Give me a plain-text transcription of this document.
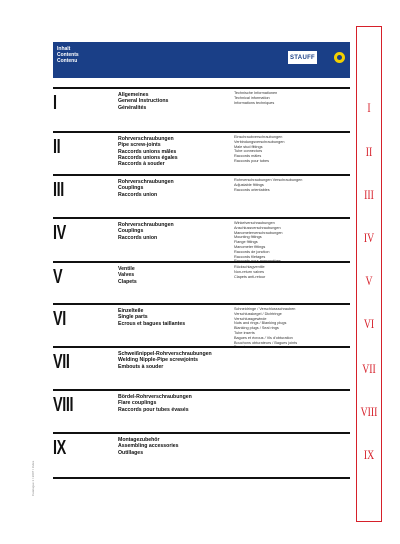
Inhalt
Contents
Contenu
STAUFF
I	Allgemeines
General Instructions
Généralités
Technische Informationen
Technical information
Informations techniques
II	Rohrverschraubungen
Pipe screw-joints
Raccords unions mâles
Raccords unions égales
Raccords à souder
Einschraubverschraubungen
Verbindungsverschraubungen
Male stud fittings
Tube connectors
Raccords mâles
Raccords pour tubes
III	Rohrverschraubungen
Couplings
Raccords union
Rohrverschraubungen Verschraubungen
Adjustable fittings
Raccords orientables
IV	Rohrverschraubungen
Couplings
Raccords union
Winkelverschraubungen
Anschlussverschraubungen
Manometerverschraubungen
Mounting fittings
Flange fittings
Manometer fittings
Raccords de jonction
Raccords filetages
V	Ventile
Valves
Clapets
Rückschlagventile
Non-return valves
Clapets anti-retour
VI	Einzelteile
Single parts
Ecrous et bagues taillantes
Schneidringe / Verschlussschrauben
Verschlusskegel / Dichtringe
Verschlussgewinde
Nuts and rings / Blanking plugs
Blanking plugs / Seal rings
Tube inserts
Bagues et écrous / Vis d'obturation
Bouchons obturateurs / Bagues joints
VII	Schweißnippel-Rohrverschraubungen
Welding Nipple-Pipe screwjoints
Embouts à souder
VIII	Bördel-Rohrverschraubungen
Flare couplings
Raccords pour tubes évasés
IX	Montagezubehör
Assembling accessories
Outillages
I
II
III
IV
V
VI
VII
VIII
IX
Catalogue 1 / 2007 / Index
